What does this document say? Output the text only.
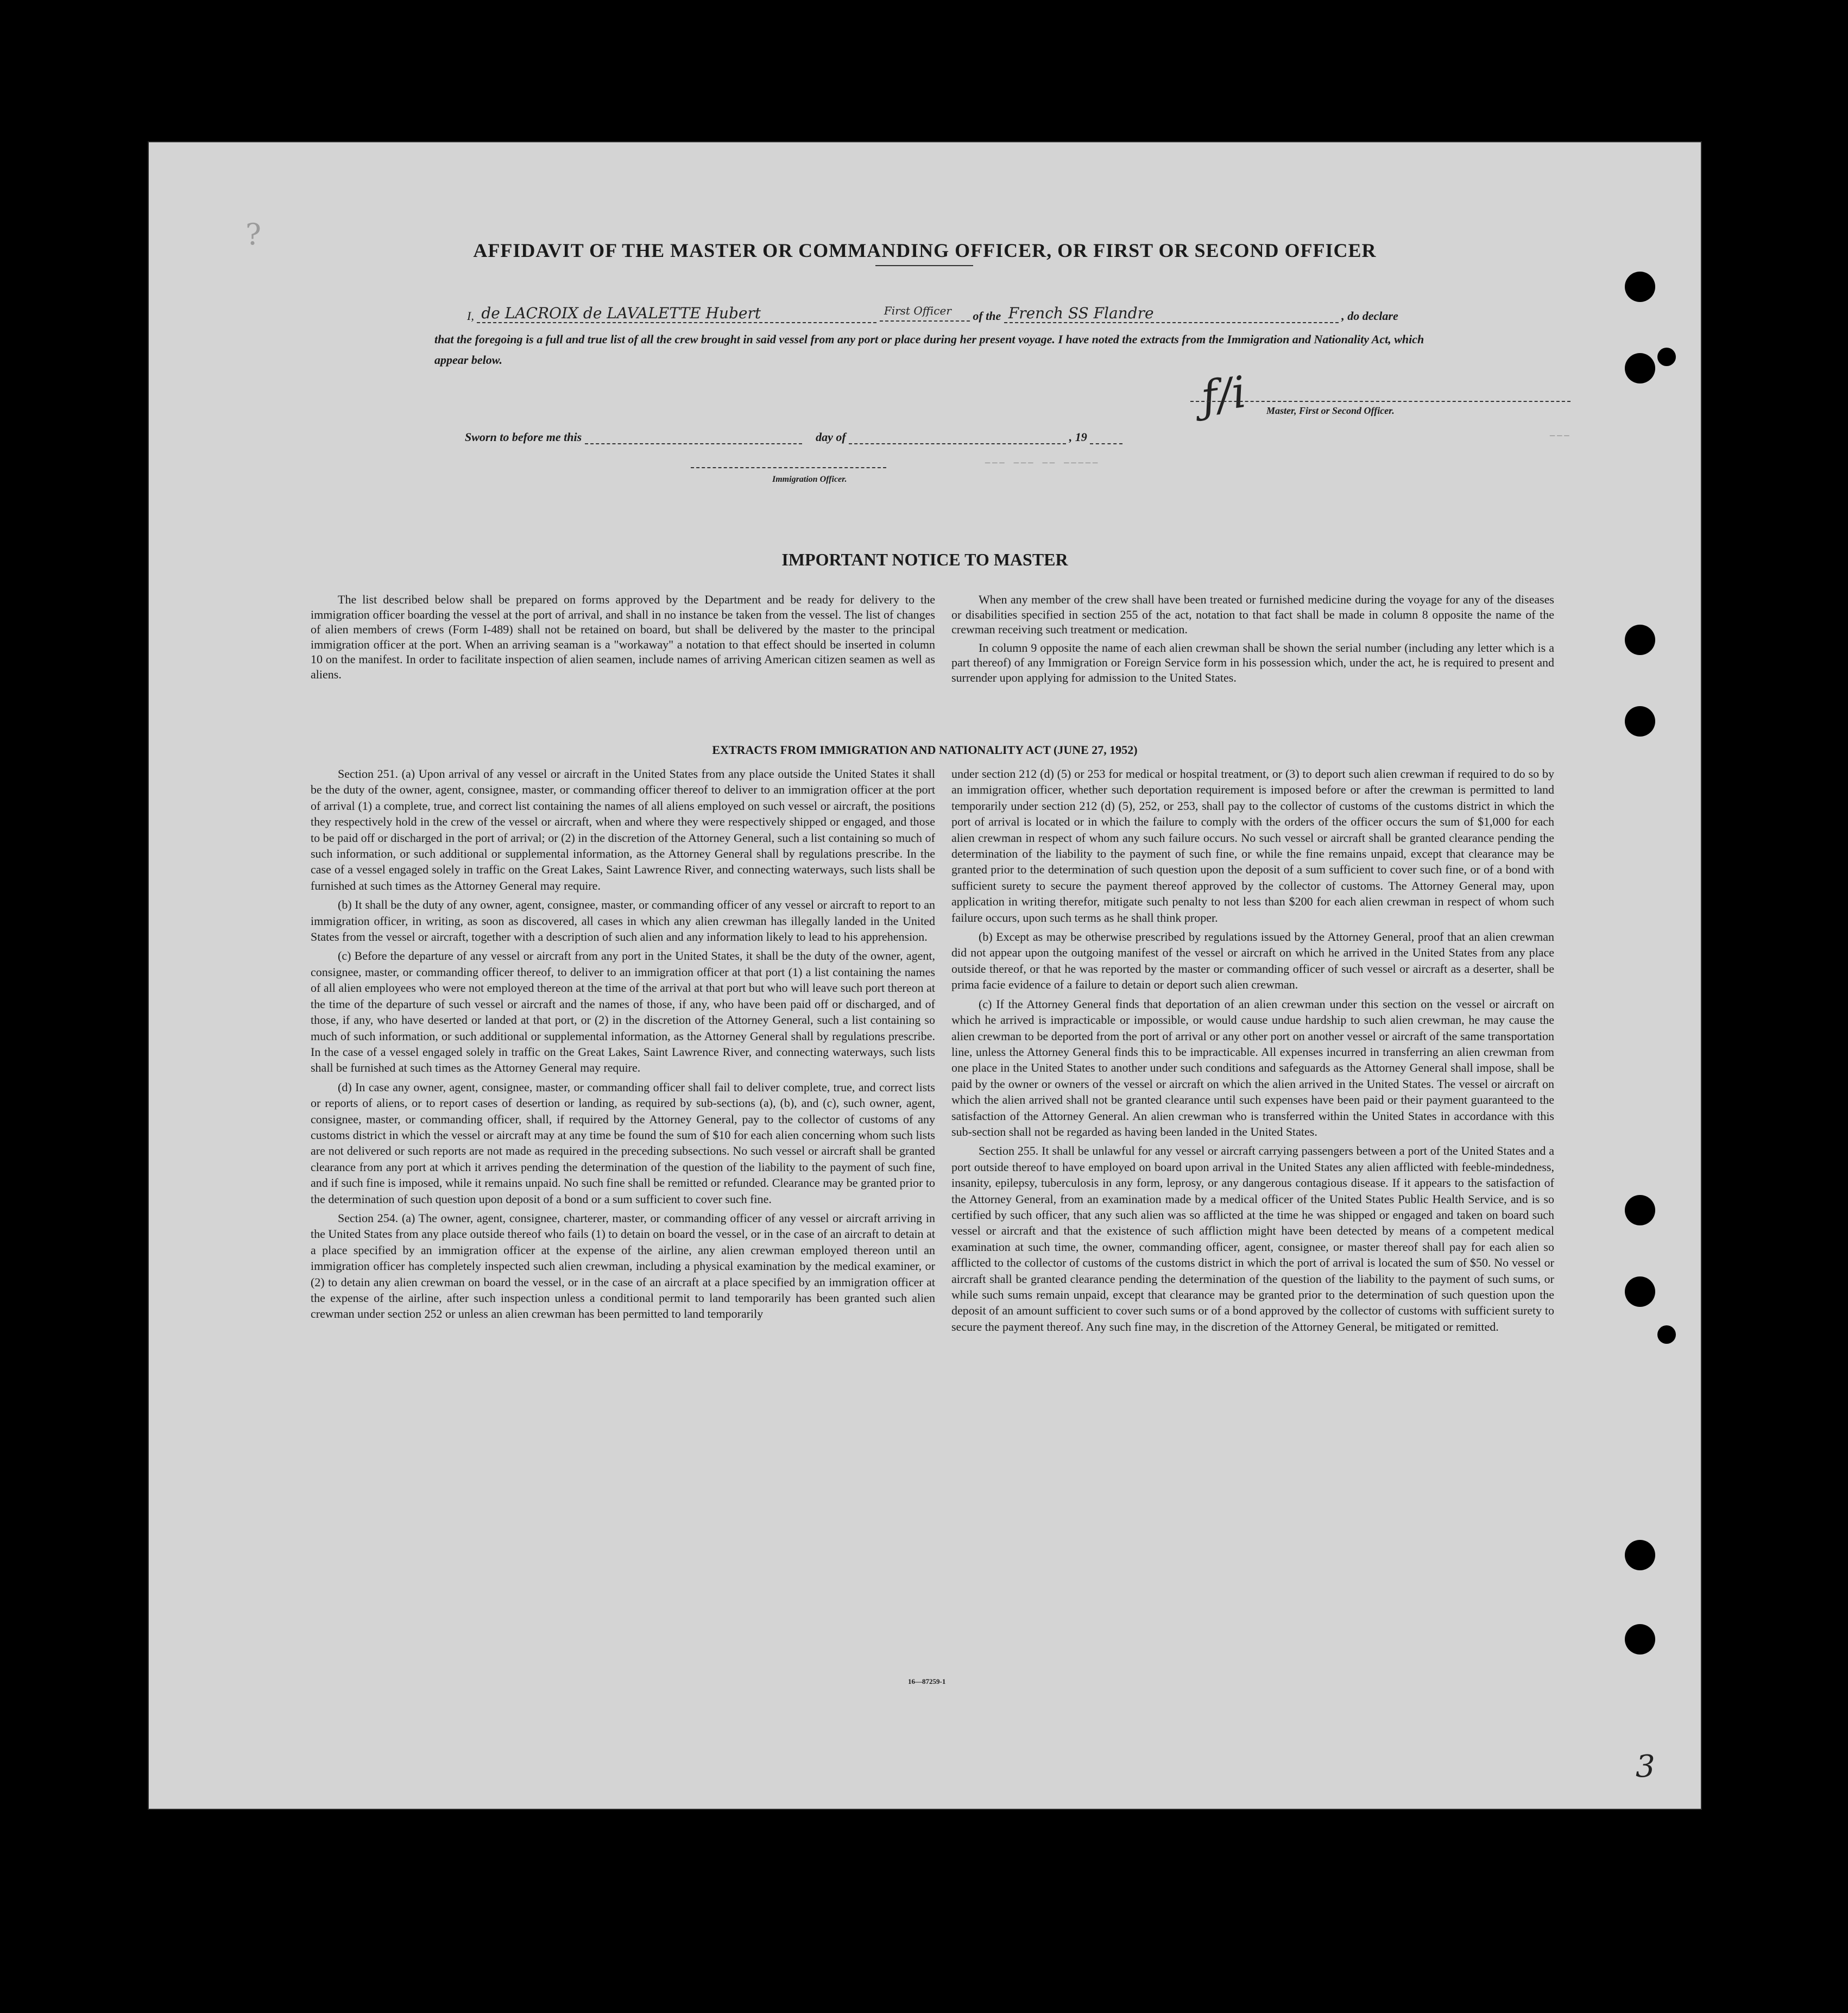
?	AFFIDAVIT OF THE MASTER OR COMMANDING OFFICER, OR FIRST OR SECOND OFFICER
I, de LACROIX de LAVALETTE Hubert	First Officer of the French SS Flandre	, do declare
that the foregoing is a full and true list of all the crew brought in said vessel from any port or place during her present voyage. I have noted the extracts from the Immigration and Nationality Act, which appear below.
ƒ/i Master, First or Second Officer.
Sworn to before me this	day of	, 19
Immigration Officer.
‒‒‒ ‒‒‒ ‒‒ ‒‒‒‒‒
‒‒‒
IMPORTANT NOTICE TO MASTER

The list described below shall be prepared on forms approved by the Department and be ready for delivery to the immigration officer boarding the vessel at the port of arrival, and shall in no instance be taken from the vessel. The list of changes of alien members of crews (Form I-489) shall not be retained on board, but shall be delivered by the master to the principal immigration officer at the port. When an arriving seaman is a "workaway" a notation to that effect should be inserted in column 10 on the manifest. In order to facilitate inspection of alien seamen, include names of arriving American citizen seamen as well as aliens.

When any member of the crew shall have been treated or furnished medicine during the voyage for any of the diseases or disabilities specified in section 255 of the act, notation to that fact shall be made in column 8 opposite the name of the crewman receiving such treatment or medication.

In column 9 opposite the name of each alien crewman shall be shown the serial number (including any letter which is a part thereof) of any Immigration or Foreign Service form in his possession which, under the act, he is required to present and surrender upon applying for admission to the United States.

EXTRACTS FROM IMMIGRATION AND NATIONALITY ACT (JUNE 27, 1952)

Section 251. (a) Upon arrival of any vessel or aircraft in the United States from any place outside the United States it shall be the duty of the owner, agent, consignee, master, or commanding officer thereof to deliver to an immigration officer at the port of arrival (1) a complete, true, and correct list containing the names of all aliens employed on such vessel or aircraft, the positions they respectively hold in the crew of the vessel or aircraft, when and where they were respectively shipped or engaged, and those to be paid off or discharged in the port of arrival; or (2) in the discretion of the Attorney General, such a list containing so much of such information, or such additional or supplemental information, as the Attorney General shall by regulations prescribe. In the case of a vessel engaged solely in traffic on the Great Lakes, Saint Lawrence River, and connecting waterways, such lists shall be furnished at such times as the Attorney General may require.

(b) It shall be the duty of any owner, agent, consignee, master, or commanding officer of any vessel or aircraft to report to an immigration officer, in writing, as soon as discovered, all cases in which any alien crewman has illegally landed in the United States from the vessel or aircraft, together with a description of such alien and any information likely to lead to his apprehension.

(c) Before the departure of any vessel or aircraft from any port in the United States, it shall be the duty of the owner, agent, consignee, master, or commanding officer thereof, to deliver to an immigration officer at that port (1) a list containing the names of all alien employees who were not employed thereon at the time of the arrival at that port but who will leave such port thereon at the time of the departure of such vessel or aircraft and the names of those, if any, who have been paid off or discharged, and of those, if any, who have deserted or landed at that port, or (2) in the discretion of the Attorney General, such a list containing so much of such information, or such additional or supplemental information, as the Attorney General shall by regulations prescribe. In the case of a vessel engaged solely in traffic on the Great Lakes, Saint Lawrence River, and connecting waterways, such lists shall be furnished at such times as the Attorney General may require.

(d) In case any owner, agent, consignee, master, or commanding officer shall fail to deliver complete, true, and correct lists or reports of aliens, or to report cases of desertion or landing, as required by sub-sections (a), (b), and (c), such owner, agent, consignee, master, or commanding officer, shall, if required by the Attorney General, pay to the collector of customs of any customs district in which the vessel or aircraft may at any time be found the sum of $10 for each alien concerning whom such lists are not delivered or such reports are not made as required in the preceding subsections. No such vessel or aircraft shall be granted clearance from any port at which it arrives pending the determination of the question of the liability to the payment of such fine, and if such fine is imposed, while it remains unpaid. No such fine shall be remitted or refunded. Clearance may be granted prior to the determination of such question upon deposit of a bond or a sum sufficient to cover such fine.

Section 254. (a) The owner, agent, consignee, charterer, master, or commanding officer of any vessel or aircraft arriving in the United States from any place outside thereof who fails (1) to detain on board the vessel, or in the case of an aircraft to detain at a place specified by an immigration officer at the expense of the airline, any alien crewman employed thereon until an immigration officer has completely inspected such alien crewman, including a physical examination by the medical examiner, or (2) to detain any alien crewman on board the vessel, or in the case of an aircraft at a place specified by an immigration officer at the expense of the airline, after such inspection unless a conditional permit to land temporarily has been granted such alien crewman under section 252 or unless an alien crewman has been permitted to land temporarily

under section 212 (d) (5) or 253 for medical or hospital treatment, or (3) to deport such alien crewman if required to do so by an immigration officer, whether such deportation requirement is imposed before or after the crewman is permitted to land temporarily under section 212 (d) (5), 252, or 253, shall pay to the collector of customs of the customs district in which the port of arrival is located or in which the failure to comply with the orders of the officer occurs the sum of $1,000 for each alien crewman in respect of whom any such failure occurs. No such vessel or aircraft shall be granted clearance pending the determination of the liability to the payment of such fine, or while the fine remains unpaid, except that clearance may be granted prior to the determination of such question upon the deposit of a sum sufficient to cover such fine, or of a bond with sufficient surety to secure the payment thereof approved by the collector of customs. The Attorney General may, upon application in writing therefor, mitigate such penalty to not less than $200 for each alien crewman in respect of whom such failure occurs, upon such terms as he shall think proper.

(b) Except as may be otherwise prescribed by regulations issued by the Attorney General, proof that an alien crewman did not appear upon the outgoing manifest of the vessel or aircraft on which he arrived in the United States from any place outside thereof, or that he was reported by the master or commanding officer of such vessel or aircraft as a deserter, shall be prima facie evidence of a failure to detain or deport such alien crewman.

(c) If the Attorney General finds that deportation of an alien crewman under this section on the vessel or aircraft on which he arrived is impracticable or impossible, or would cause undue hardship to such alien crewman, he may cause the alien crewman to be deported from the port of arrival or any other port on another vessel or aircraft of the same transportation line, unless the Attorney General finds this to be impracticable. All expenses incurred in transferring an alien crewman from one place in the United States to another under such conditions and safeguards as the Attorney General shall impose, shall be paid by the owner or owners of the vessel or aircraft on which the alien arrived in the United States. The vessel or aircraft on which the alien arrived shall not be granted clearance until such expenses have been paid or their payment guaranteed to the satisfaction of the Attorney General. An alien crewman who is transferred within the United States in accordance with this sub-section shall not be regarded as having been landed in the United States.

Section 255. It shall be unlawful for any vessel or aircraft carrying passengers between a port of the United States and a port outside thereof to have employed on board upon arrival in the United States any alien afflicted with feeble-mindedness, insanity, epilepsy, tuberculosis in any form, leprosy, or any dangerous contagious disease. If it appears to the satisfaction of the Attorney General, from an examination made by a medical officer of the United States Public Health Service, and is so certified by such officer, that any such alien was so afflicted at the time he was shipped or engaged and taken on board such vessel or aircraft and that the existence of such affliction might have been detected by means of a competent medical examination at such time, the owner, commanding officer, agent, consignee, or master thereof shall pay for each alien so afflicted to the collector of customs of the customs district in which the port of arrival is located the sum of $50. No vessel or aircraft shall be granted clearance pending the determination of the question of the liability to the payment of such sums, or while such sums remain unpaid, except that clearance may be granted prior to the determination of such question upon the deposit of an amount sufficient to cover such sums or of a bond approved by the collector of customs with sufficient surety to secure the payment thereof. Any such fine may, in the discretion of the Attorney General, be mitigated or remitted.

16—87259-1
3
